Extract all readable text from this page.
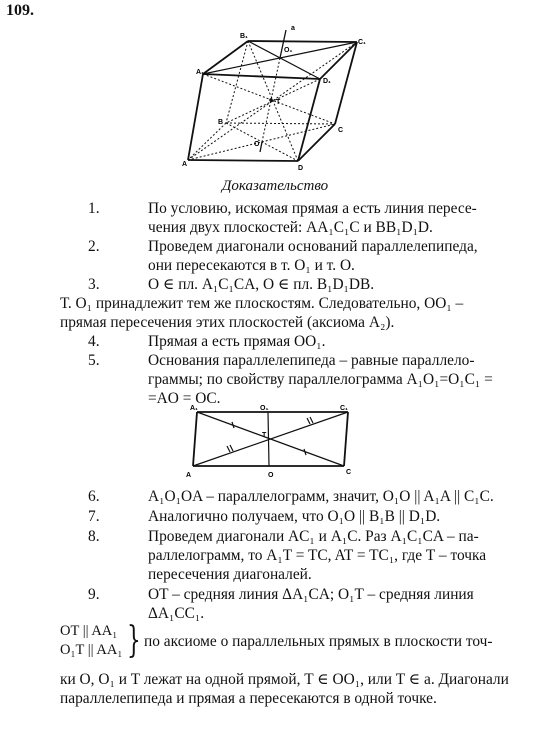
109.
a
B₁
O₁
C₁
A₁
D₁
T
B
C
O
A
D
Доказательство
1.	По условию, искомая прямая а есть линия пересе-
чения двух плоскостей: AA₁C₁C и BB₁D₁D.
2.	Проведем диагонали оснований параллелепипеда,
они пересекаются в т. O₁ и т. O.
3.	O ∈ пл. A₁C₁CA, O ∈ пл. B₁D₁DB.
Т. O₁ принадлежит тем же плоскостям. Следовательно, OO₁ –
прямая пересечения этих плоскостей (аксиома A₂).
4.	Прямая а есть прямая OO₁.
5.	Основания параллелепипеда – равные параллело-
граммы; по свойству параллелограмма A₁O₁=O₁C₁ =
=AO = OC.
A₁	O₁	C₁
T
A	O	C
6.	A₁O₁OA – параллелограмм, значит, O₁O || A₁A || C₁C.
7.	Аналогично получаем, что O₁O || B₁B || D₁D.
8.	Проведем диагонали AC₁ и A₁C. Раз A₁C₁CA – па-
раллелограмм, то A₁T = TC, AT = TC₁, где T – точка
пересечения диагоналей.
9.	OT – средняя линия ΔA₁CA; O₁T – средняя линия
ΔA₁CC₁.
OT || AA₁
O₁T || AA₁ } по аксиоме о параллельных прямых в плоскости точ-
ки O, O₁ и T лежат на одной прямой, T ∈ OO₁, или T ∈ a. Диагонали
параллелепипеда и прямая a пересекаются в одной точке.
